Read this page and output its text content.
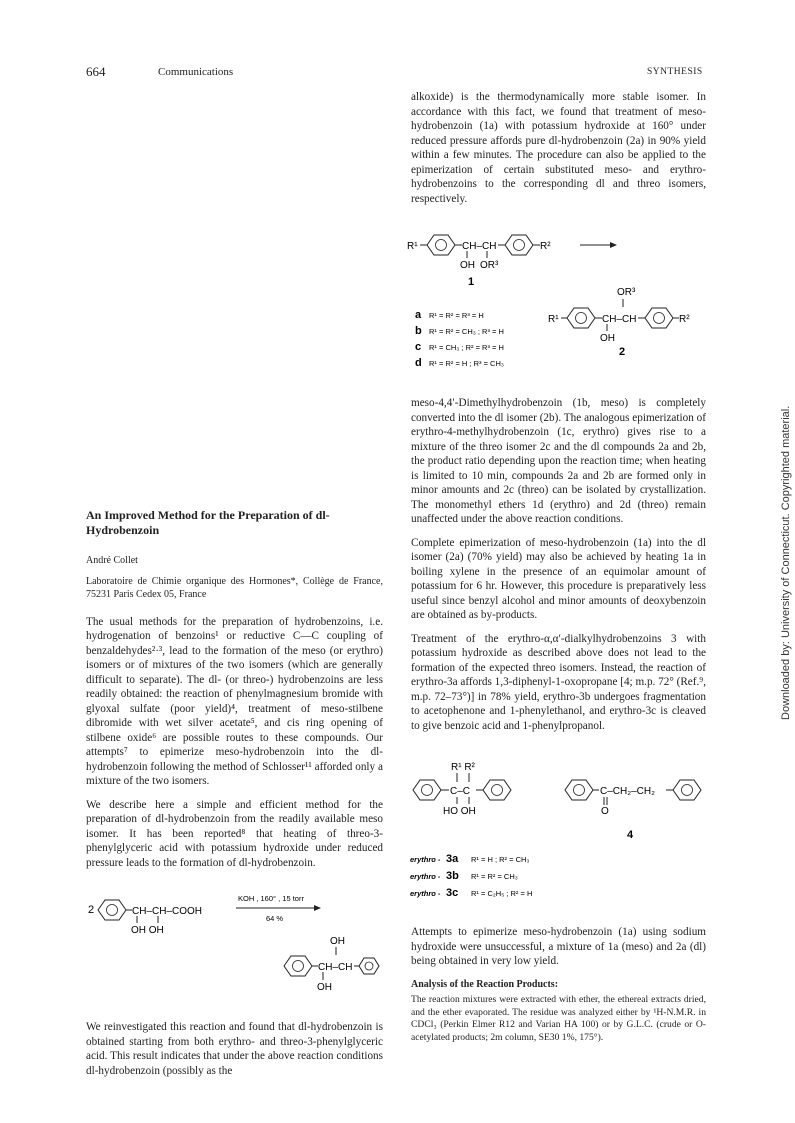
664	Communications	SYNTHESIS

alkoxide) is the thermodynamically more stable isomer. In accordance with this fact, we found that treatment of meso-hydrobenzoin (1a) with potassium hydroxide at 160° under reduced pressure affords pure dl-hydrobenzoin (2a) in 90% yield within a few minutes. The procedure can also be applied to the epimerization of certain substituted meso- and erythro-hydrobenzoins to the corresponding dl and threo isomers, respectively.

R¹	CH–CH
OH OR³
R²
1
a R¹ = R² = R³ = H
b R¹ = R² = CH₃ ; R³ = H
c R¹ = CH₃ ; R² = R³ = H
d R¹ = R² = H ; R³ = CH₃
OR³
R¹	CH–CH
OH
R²
2

meso-4,4′-Dimethylhydrobenzoin (1b, meso) is completely converted into the dl isomer (2b). The analogous epimerization of erythro-4-methylhydrobenzoin (1c, erythro) gives rise to a mixture of the threo isomer 2c and the dl compounds 2a and 2b, the product ratio depending upon the reaction time; when heating is limited to 10 min, compounds 2a and 2b are formed only in minor amounts and 2c (threo) can be isolated by crystallization. The monomethyl ethers 1d (erythro) and 2d (threo) remain unaffected under the above reaction conditions.

Complete epimerization of meso-hydrobenzoin (1a) into the dl isomer (2a) (70% yield) may also be achieved by heating 1a in boiling xylene in the presence of an equimolar amount of potassium for 6 hr. However, this procedure is preparatively less useful since benzyl alcohol and minor amounts of deoxybenzoin are obtained as by-products.

Treatment of the erythro-α,α′-dialkylhydrobenzoins 3 with potassium hydroxide as described above does not lead to the formation of the expected threo isomers. Instead, the reaction of erythro-3a affords 1,3-diphenyl-1-oxopropane [4; m.p. 72° (Ref.⁹, m.p. 72–73°)] in 78% yield, erythro-3b undergoes fragmentation to acetophenone and 1-phenylethanol, and erythro-3c is cleaved to give benzoic acid and 1-phenylpropanol.

R¹ R²
C–C
HO OH
C–CH₂–CH₂
O
4
erythro - 3a R¹ = H ; R² = CH₃
erythro - 3b R¹ = R² = CH₃
erythro - 3c R¹ = C₂H₅ ; R² = H

Attempts to epimerize meso-hydrobenzoin (1a) using sodium hydroxide were unsuccessful, a mixture of 1a (meso) and 2a (dl) being obtained in very low yield.

Analysis of the Reaction Products:
The reaction mixtures were extracted with ether, the ethereal extracts dried, and the ether evaporated. The residue was analyzed either by ¹H-N.M.R. in CDCl₃ (Perkin Elmer R12 and Varian HA 100) or by G.L.C. (crude or O-acetylated products; 2m column, SE30 1%, 175°).
An Improved Method for the Preparation of dl-Hydrobenzoin
André Collet
Laboratoire de Chimie organique des Hormones*, Collège de France, 75231 Paris Cedex 05, France

The usual methods for the preparation of hydrobenzoins, i.e. hydrogenation of benzoins¹ or reductive C—C coupling of benzaldehydes²·³, lead to the formation of the meso (or erythro) isomers or of mixtures of the two isomers (which are generally difficult to separate). The dl- (or threo-) hydrobenzoins are less readily obtained: the reaction of phenylmagnesium bromide with glyoxal sulfate (poor yield)⁴, treatment of meso-stilbene dibromide with wet silver acetate⁵, and cis ring opening of stilbene oxide⁶ are possible routes to these compounds. Our attempts⁷ to epimerize meso-hydrobenzoin into the dl-hydrobenzoin following the method of Schlosser¹¹ afforded only a mixture of the two isomers.

We describe here a simple and efficient method for the preparation of dl-hydrobenzoin from the readily available meso isomer. It has been reported⁸ that heating of threo-3-phenylglyceric acid with potassium hydroxide under reduced pressure leads to the formation of dl-hydrobenzoin.

2	CH–CH–COOH
OH OH
KOH , 160° , 15 torr
64 %
OH
CH–CH
OH

We reinvestigated this reaction and found that dl-hydrobenzoin is obtained starting from both erythro- and threo-3-phenylglyceric acid. This result indicates that under the above reaction conditions dl-hydrobenzoin (possibly as the

Downloaded by: University of Connecticut. Copyrighted material.
